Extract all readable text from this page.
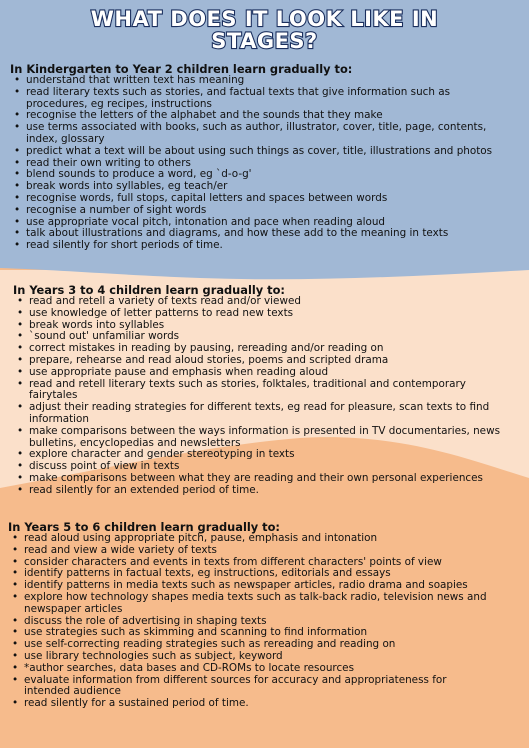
WHAT DOES IT LOOK LIKE IN
STAGES?
In Kindergarten to Year 2 children learn gradually to:
• understand that written text has meaning
• read literary texts such as stories, and factual texts that give information such as
procedures, eg recipes, instructions
• recognise the letters of the alphabet and the sounds that they make
• use terms associated with books, such as author, illustrator, cover, title, page, contents,
index, glossary
• predict what a text will be about using such things as cover, title, illustrations and photos
• read their own writing to others
• blend sounds to produce a word, eg `d-o-g'
• break words into syllables, eg teach/er
• recognise words, full stops, capital letters and spaces between words
• recognise a number of sight words
• use appropriate vocal pitch, intonation and pace when reading aloud
• talk about illustrations and diagrams, and how these add to the meaning in texts
• read silently for short periods of time.
In Years 3 to 4 children learn gradually to:
• read and retell a variety of texts read and/or viewed
• use knowledge of letter patterns to read new texts
• break words into syllables
• `sound out' unfamiliar words
• correct mistakes in reading by pausing, rereading and/or reading on
• prepare, rehearse and read aloud stories, poems and scripted drama
• use appropriate pause and emphasis when reading aloud
• read and retell literary texts such as stories, folktales, traditional and contemporary
fairytales
• adjust their reading strategies for different texts, eg read for pleasure, scan texts to find
information
• make comparisons between the ways information is presented in TV documentaries, news
bulletins, encyclopedias and newsletters
• explore character and gender stereotyping in texts
• discuss point of view in texts
• make comparisons between what they are reading and their own personal experiences
• read silently for an extended period of time.
In Years 5 to 6 children learn gradually to:
• read aloud using appropriate pitch, pause, emphasis and intonation
• read and view a wide variety of texts
• consider characters and events in texts from different characters' points of view
• identify patterns in factual texts, eg instructions, editorials and essays
• identify patterns in media texts such as newspaper articles, radio drama and soapies
• explore how technology shapes media texts such as talk-back radio, television news and
newspaper articles
• discuss the role of advertising in shaping texts
• use strategies such as skimming and scanning to find information
• use self-correcting reading strategies such as rereading and reading on
• use library technologies such as subject, keyword
• *author searches, data bases and CD-ROMs to locate resources
• evaluate information from different sources for accuracy and appropriateness for
intended audience
• read silently for a sustained period of time.
